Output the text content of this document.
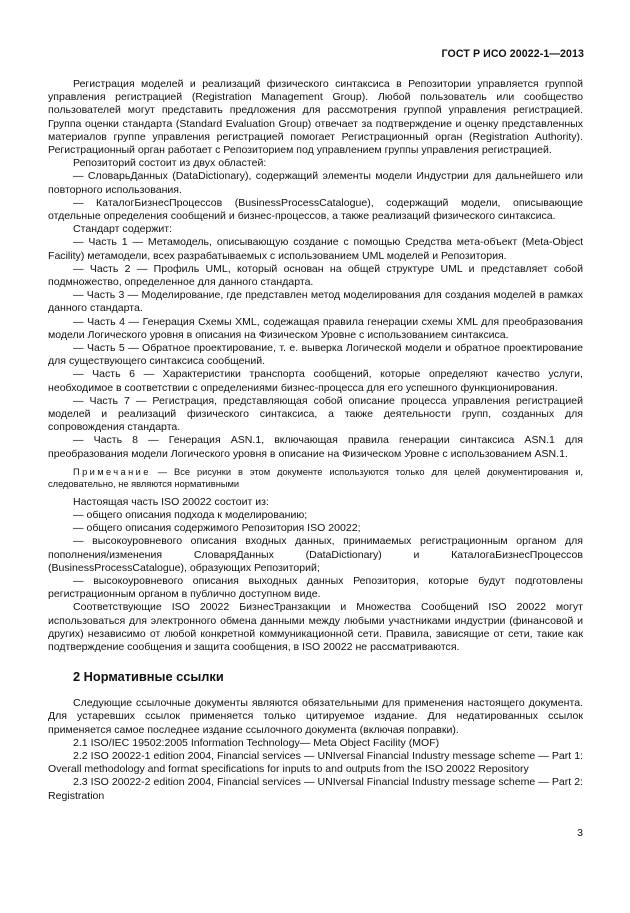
ГОСТ Р ИСО 20022-1—2013

Регистрация моделей и реализаций физического синтаксиса в Репозитории управляется группой управления регистрацией (Registration Management Group). Любой пользователь или сообщество пользователей могут представить предложения для рассмотрения группой управления регистрацией. Группа оценки стандарта (Standard Evaluation Group) отвечает за подтверждение и оценку представленных материалов группе управления регистрацией помогает Регистрационный орган (Registration Authority). Регистрационный орган работает с Репозиторием под управлением группы управления регистрацией.

Репозиторий состоит из двух областей:

— СловарьДанных (DataDictionary), содержащий элементы модели Индустрии для дальнейшего или повторного использования.

— КаталогБизнесПроцессов (BusinessProcessCatalogue), содержащий модели, описывающие отдельные определения сообщений и бизнес-процессов, а также реализаций физического синтаксиса.

Стандарт содержит:

— Часть 1 — Метамодель, описывающую создание с помощью Средства мета-объект (Meta-Object Facility) метамодели, всех разрабатываемых с использованием UML моделей и Репозитория.

— Часть 2 — Профиль UML, который основан на общей структуре UML и представляет собой подмножество, определенное для данного стандарта.

— Часть 3 — Моделирование, где представлен метод моделирования для создания моделей в рамках данного стандарта.

— Часть 4 — Генерация Схемы XML, содежащая правила генерации схемы XML для преобразования модели Логического уровня в описания на Физическом Уровне с использованием синтаксиса.

— Часть 5 — Обратное проектирование, т. е. выверка Логической модели и обратное проектирование для существующего синтаксиса сообщений.

— Часть 6 — Характеристики транспорта сообщений, которые определяют качество услуги, необходимое в соответствии с определениями бизнес-процесса для его успешного функционирования.

— Часть 7 — Регистрация, представляющая собой описание процесса управления регистрацией моделей и реализаций физического синтаксиса, а также деятельности групп, созданных для сопровождения стандарта.

— Часть 8 — Генерация ASN.1, включающая правила генерации синтаксиса ASN.1 для преобразования модели Логического уровня в описание на Физическом Уровне с использованием ASN.1.

Примечание — Все рисунки в этом документе используются только для целей документирования и, следовательно, не являются нормативными

Настоящая часть ISO 20022 состоит из:

— общего описания подхода к моделированию;

— общего описания содержимого Репозитория ISO 20022;

— высокоуровневого описания входных данных, принимаемых регистрационным органом для пополнения/изменения СловаряДанных (DataDictionary) и КаталогаБизнесПроцессов (BusinessProcessCatalogue), образующих Репозиторий;

— высокоуровневого описания выходных данных Репозитория, которые будут подготовлены регистрационным органом в публично доступном виде.

Соответствующие ISO 20022 БизнесТранзакции и Множества Сообщений ISO 20022 могут использоваться для электронного обмена данными между любыми участниками индустрии (финансовой и других) независимо от любой конкретной коммуникационной сети. Правила, зависящие от сети, такие как подтверждение сообщения и защита сообщения, в ISO 20022 не рассматриваются.

2 Нормативные ссылки

Следующие ссылочные документы являются обязательными для применения настоящего документа. Для устаревших ссылок применяется только цитируемое издание. Для недатированных ссылок применяется самое последнее издание ссылочного документа (включая поправки).

2.1 ISO/IEC 19502:2005 Information Technology— Meta Object Facility (MOF)

2.2 ISO 20022-1 edition 2004, Financial services — UNIversal Financial Industry message scheme — Part 1: Overall methodology and format specifications for inputs to and outputs from the ISO 20022 Repository

2.3 ISO 20022-2 edition 2004, Financial services — UNIversal Financial Industry message scheme — Part 2: Registration

3
